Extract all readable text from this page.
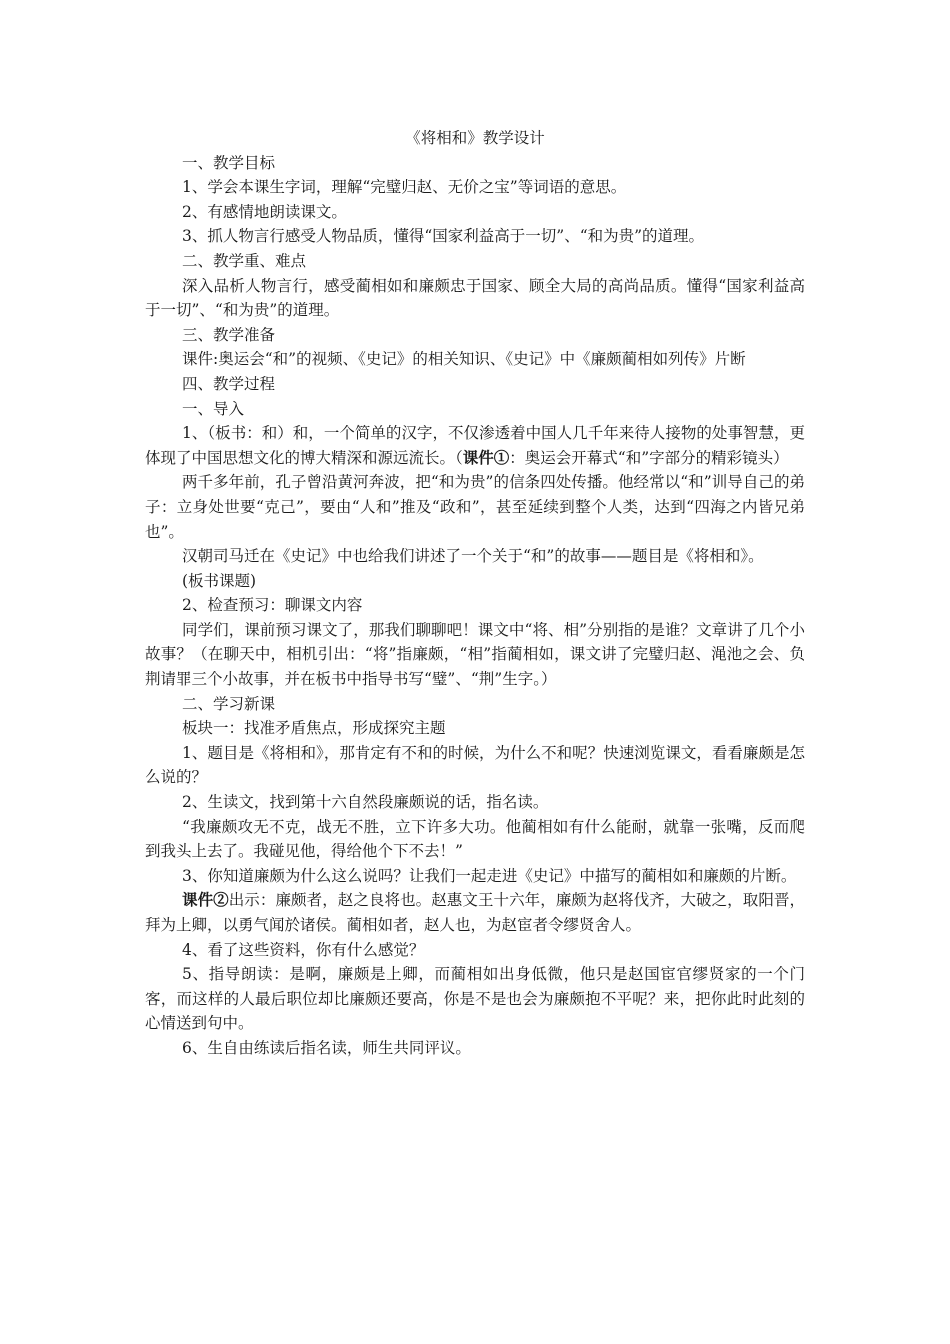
《将相和》教学设计

一、教学目标

1、学会本课生字词，理解“完璧归赵、无价之宝”等词语的意思。

2、有感情地朗读课文。

3、抓人物言行感受人物品质，懂得“国家利益高于一切”、“和为贵”的道理。

二、教学重、难点

深入品析人物言行，感受蔺相如和廉颇忠于国家、顾全大局的高尚品质。懂得“国家利益高于一切”、“和为贵”的道理。

三、教学准备

课件:奥运会“和”的视频、《史记》的相关知识、《史记》中《廉颇蔺相如列传》片断

四、教学过程

一、导入

1、（板书：和）和，一个简单的汉字，不仅渗透着中国人几千年来待人接物的处事智慧，更体现了中国思想文化的博大精深和源远流长。（课件①：奥运会开幕式“和”字部分的精彩镜头）

两千多年前，孔子曾沿黄河奔波，把“和为贵”的信条四处传播。他经常以“和”训导自己的弟子：立身处世要“克己”，要由“人和”推及“政和”，甚至延续到整个人类，达到“四海之内皆兄弟也”。

汉朝司马迁在《史记》中也给我们讲述了一个关于“和”的故事——题目是《将相和》。

(板书课题)

2、检查预习：聊课文内容

同学们，课前预习课文了，那我们聊聊吧！课文中“将、相”分别指的是谁？文章讲了几个小故事？（在聊天中，相机引出：“将”指廉颇，“相”指蔺相如，课文讲了完璧归赵、渑池之会、负荆请罪三个小故事，并在板书中指导书写“璧”、“荆”生字。）

二、学习新课

板块一：找准矛盾焦点，形成探究主题

1、题目是《将相和》，那肯定有不和的时候，为什么不和呢？快速浏览课文，看看廉颇是怎么说的？

2、生读文，找到第十六自然段廉颇说的话，指名读。

“我廉颇攻无不克，战无不胜，立下许多大功。他蔺相如有什么能耐，就靠一张嘴，反而爬到我头上去了。我碰见他，得给他个下不去！”

3、你知道廉颇为什么这么说吗？让我们一起走进《史记》中描写的蔺相如和廉颇的片断。

课件②出示：廉颇者，赵之良将也。赵惠文王十六年，廉颇为赵将伐齐，大破之，取阳晋，拜为上卿，以勇气闻於诸侯。蔺相如者，赵人也，为赵宦者令缪贤舍人。

4、看了这些资料，你有什么感觉？

5、指导朗读：是啊，廉颇是上卿，而蔺相如出身低微，他只是赵国宦官缪贤家的一个门客，而这样的人最后职位却比廉颇还要高，你是不是也会为廉颇抱不平呢？来，把你此时此刻的心情送到句中。

6、生自由练读后指名读，师生共同评议。
